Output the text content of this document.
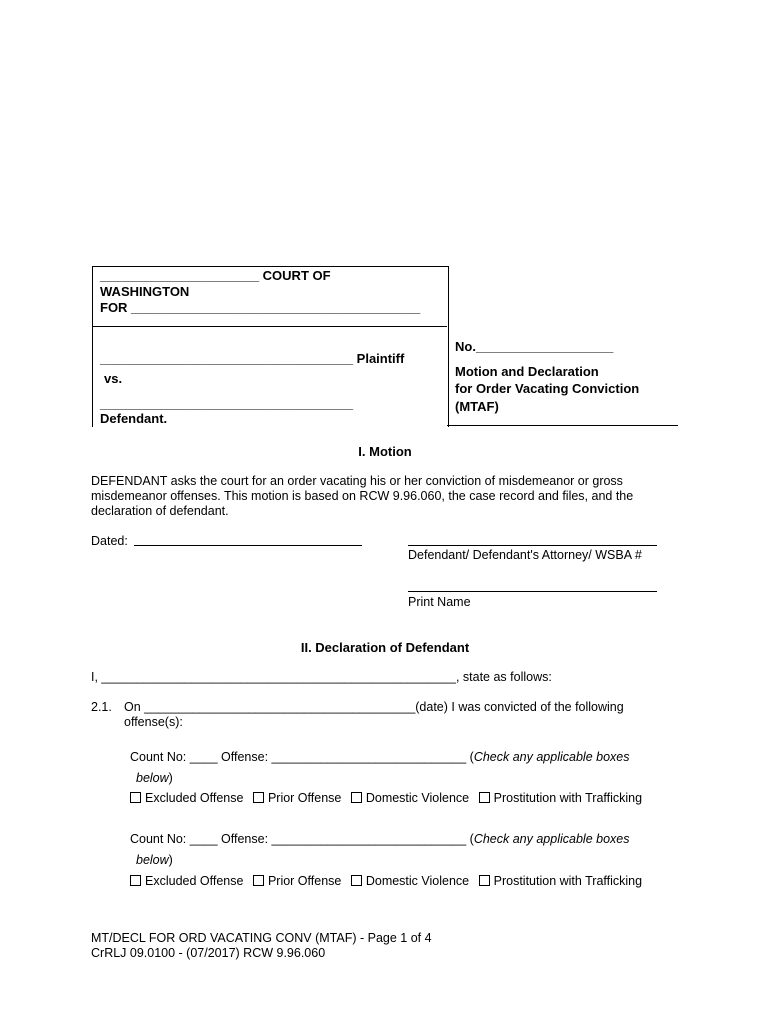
______________________ COURT OF
WASHINGTON
FOR ________________________________________
___________________________________ Plaintiff
vs.
___________________________________
Defendant.
No.___________________
Motion and Declaration
for Order Vacating Conviction
(MTAF)
I. Motion
DEFENDANT asks the court for an order vacating his or her conviction of misdemeanor or gross
misdemeanor offenses. This motion is based on RCW 9.96.060, the case record and files, and the
declaration of defendant.
Dated:
Defendant/ Defendant's Attorney/ WSBA #
Print Name
II. Declaration of Defendant
I, ___________________________________________________, state as follows:
2.1. On _______________________________________(date) I was convicted of the following
offense(s):
Count No: ____ Offense: ____________________________ (Check any applicable boxes
below)
Excluded Offense Prior Offense Domestic Violence Prostitution with Trafficking
Count No: ____ Offense: ____________________________ (Check any applicable boxes
below)
Excluded Offense Prior Offense Domestic Violence Prostitution with Trafficking
MT/DECL FOR ORD VACATING CONV (MTAF) - Page 1 of 4
CrRLJ 09.0100 - (07/2017) RCW 9.96.060
